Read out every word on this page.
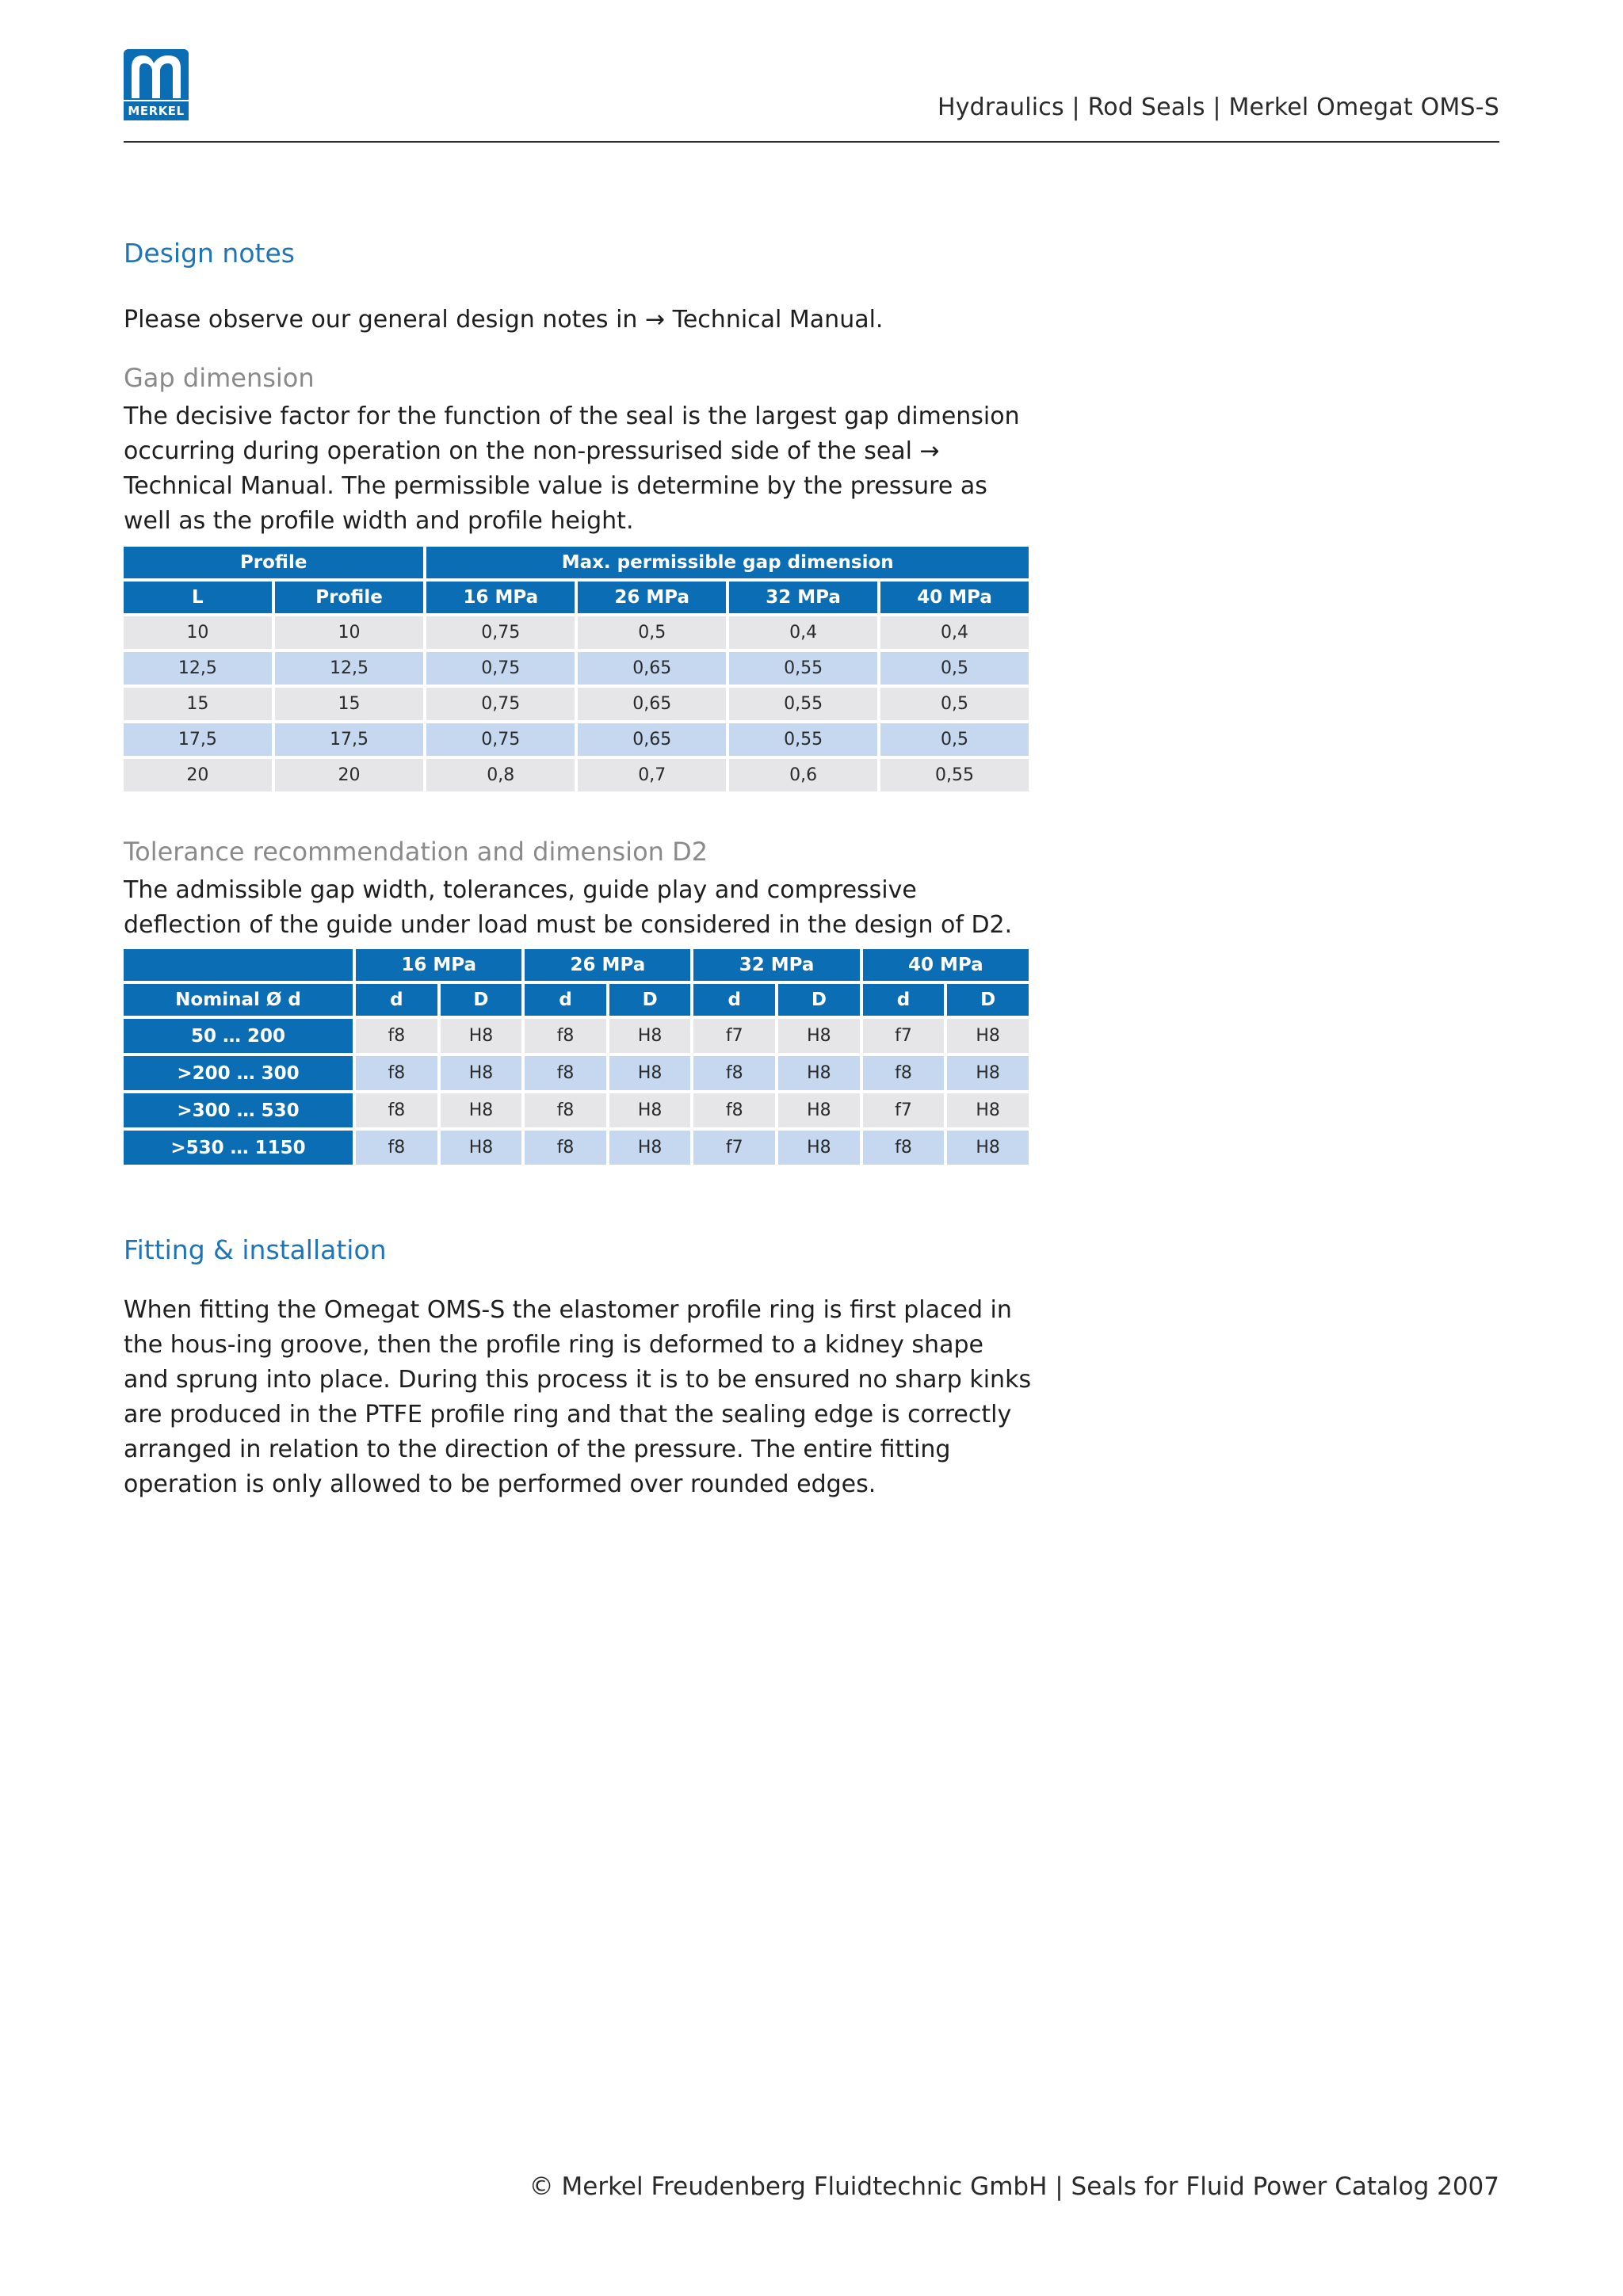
MERKEL	Hydraulics | Rod Seals | Merkel Omegat OMS-S
Design notes

Please observe our general design notes in → Technical Manual.

Gap dimension

The decisive factor for the function of the seal is the largest gap dimension occurring during operation on the non-pressurised side of the seal → Technical Manual. The permissible value is determine by the pressure as well as the profile width and profile height.

Profile		Max. permissible gap dimension			
L	Profile	16 MPa	26 MPa	32 MPa	40 MPa
10	10	0,75	0,5	0,4	0,4
12,5	12,5	0,75	0,65	0,55	0,5
15	15	0,75	0,65	0,55	0,5
17,5	17,5	0,75	0,65	0,55	0,5
20	20	0,8	0,7	0,6	0,55
Tolerance recommendation and dimension D2

The admissible gap width, tolerances, guide play and compressive deflection of the guide under load must be considered in the design of D2.

	16 MPa		26 MPa		32 MPa		40 MPa	
Nominal Ø d	d	D	d	D	d	D	d	D
50 … 200	f8	H8	f8	H8	f7	H8	f7	H8
>200 … 300	f8	H8	f8	H8	f8	H8	f8	H8
>300 … 530	f8	H8	f8	H8	f8	H8	f7	H8
>530 … 1150	f8	H8	f8	H8	f7	H8	f8	H8
Fitting & installation

When fitting the Omegat OMS-S the elastomer profile ring is first placed in the hous-ing groove, then the profile ring is deformed to a kidney shape and sprung into place. During this process it is to be ensured no sharp kinks are produced in the PTFE profile ring and that the sealing edge is correctly arranged in relation to the direction of the pressure. The entire fitting operation is only allowed to be performed over rounded edges.

© Merkel Freudenberg Fluidtechnic GmbH | Seals for Fluid Power Catalog 2007
